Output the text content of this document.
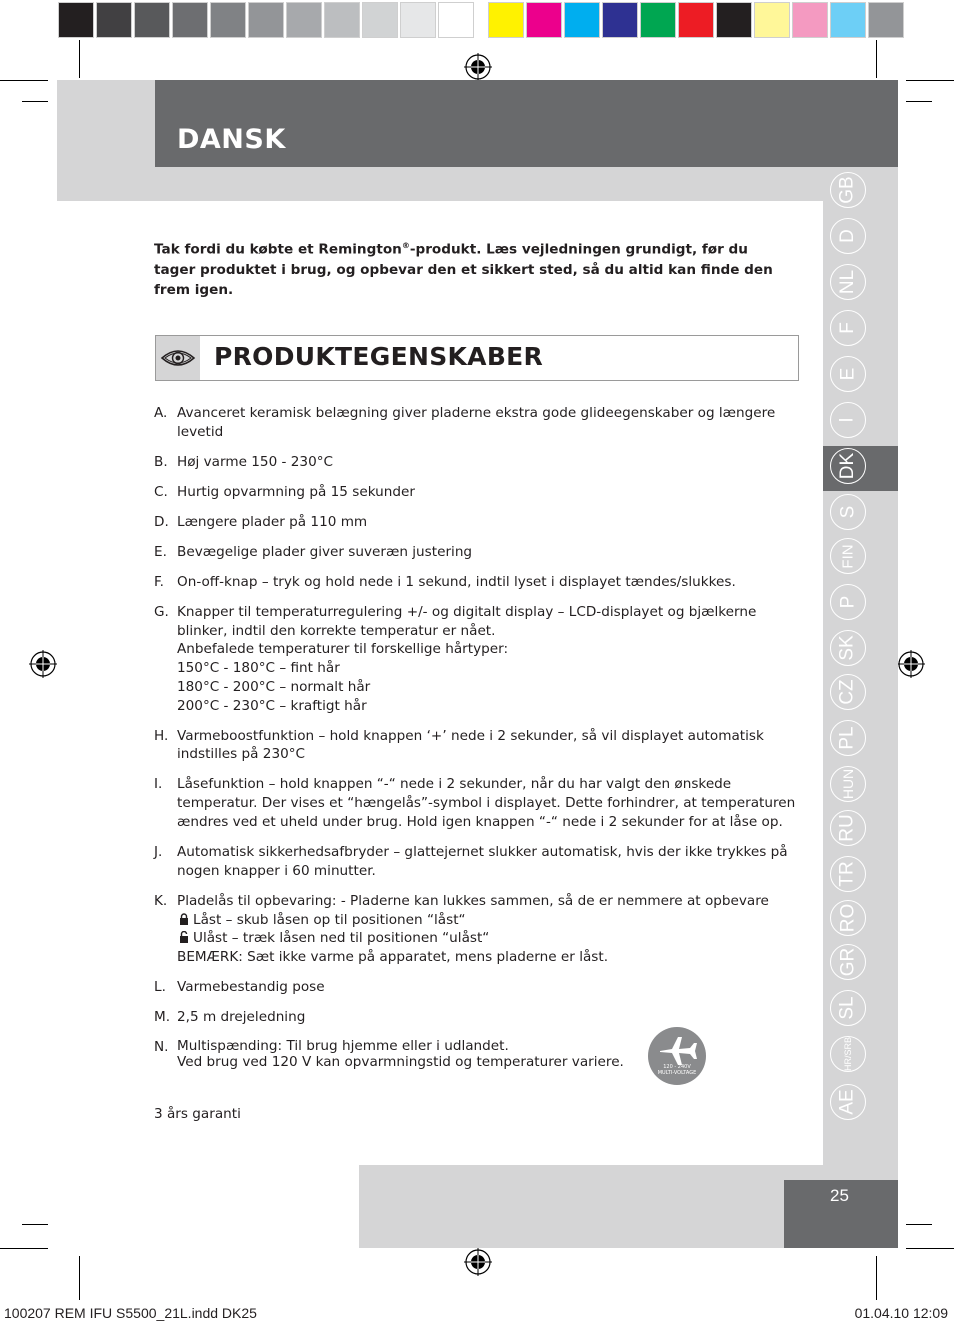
DANSK
GB
D
NL
F
E
I
DK
S
FIN
P
SK
CZ
PL
HUN
RU
TR
RO
GR
SL
HR/SRB
AE
Tak fordi du købte et Remington®-produkt. Læs vejledningen grundigt, før du tager produktet i brug, og opbevar den et sikkert sted, så du altid kan finde den frem igen.
PRODUKTEGENSKABER
A. Avanceret keramisk belægning giver pladerne ekstra gode glideegenskaber og længere levetid
B. Høj varme 150 - 230°C
C. Hurtig opvarmning på 15 sekunder
D. Længere plader på 110 mm
E. Bevægelige plader giver suveræn justering
F. On-off-knap – tryk og hold nede i 1 sekund, indtil lyset i displayet tændes/slukkes.
G. Knapper til temperaturregulering +/- og digitalt display – LCD-displayet og bjælkerne blinker, indtil den korrekte temperatur er nået.
Anbefalede temperaturer til forskellige hårtyper:
150°C - 180°C – fint hår
180°C - 200°C – normalt hår
200°C - 230°C – kraftigt hår
H. Varmeboostfunktion – hold knappen ‘+’ nede i 2 sekunder, så vil displayet automatisk indstilles på 230°C
I.	Låsefunktion – hold knappen “-“ nede i 2 sekunder, når du har valgt den ønskede temperatur. Der vises et “hængelås”-symbol i displayet. Dette forhindrer, at temperaturen ændres ved et uheld under brug. Hold igen knappen “-“ nede i 2 sekunder for at låse op.
J.	Automatisk sikkerhedsafbryder – glattejernet slukker automatisk, hvis der ikke trykkes på nogen knapper i 60 minutter.
K. Pladelås til opbevaring: - Pladerne kan lukkes sammen, så de er nemmere at opbevare
Låst – skub låsen op til positionen “låst“
Ulåst – træk låsen ned til positionen “ulåst“
BEMÆRK: Sæt ikke varme på apparatet, mens pladerne er låst.
L. Varmebestandig pose
M. 2,5 m drejeledning
N. Multispænding: Til brug hjemme eller i udlandet.
Ved brug ved 120 V kan opvarmningstid og temperaturer variere.
3 års garanti
120 - 240V
MULTI-VOLTAGE
25
100207 REM IFU S5500_21L.indd DK25	01.04.10 12:09
